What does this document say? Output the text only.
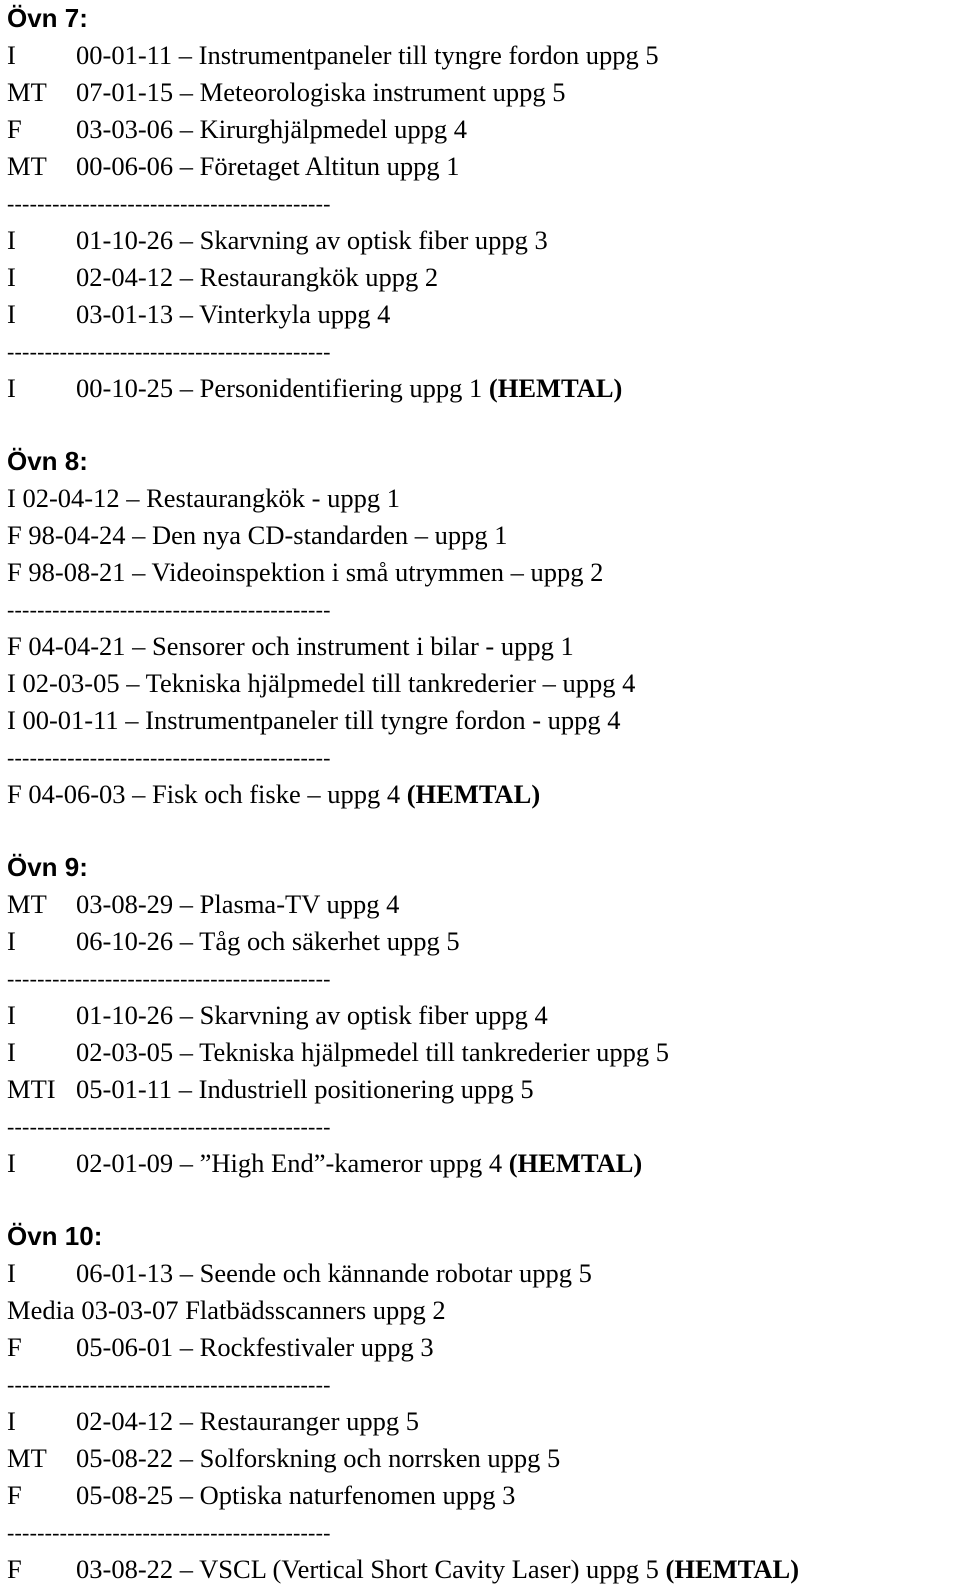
Övn 7:
I 00-01-11 – Instrumentpaneler till tyngre fordon uppg 5
MT 07-01-15 – Meteorologiska instrument uppg 5
F 03-03-06 – Kirurghjälpmedel uppg 4
MT 00-06-06 – Företaget Altitun uppg 1
-------------------------------------------
I 01-10-26 – Skarvning av optisk fiber uppg 3
I 02-04-12 – Restaurangkök uppg 2
I 03-01-13 – Vinterkyla uppg 4
-------------------------------------------
I 00-10-25 – Personidentifiering uppg 1 (HEMTAL)
Övn 8:
I 02-04-12 – Restaurangkök - uppg 1
F 98-04-24 – Den nya CD-standarden – uppg 1
F 98-08-21 – Videoinspektion i små utrymmen – uppg 2
-------------------------------------------
F 04-04-21 – Sensorer och instrument i bilar - uppg 1
I 02-03-05 – Tekniska hjälpmedel till tankrederier – uppg 4
I 00-01-11 – Instrumentpaneler till tyngre fordon - uppg 4
-------------------------------------------
F 04-06-03 – Fisk och fiske – uppg 4 (HEMTAL)
Övn 9:
MT 03-08-29 – Plasma-TV uppg 4
I 06-10-26 – Tåg och säkerhet uppg 5
-------------------------------------------
I 01-10-26 – Skarvning av optisk fiber uppg 4
I 02-03-05 – Tekniska hjälpmedel till tankrederier uppg 5
MTI 05-01-11 – Industriell positionering uppg 5
-------------------------------------------
I 02-01-09 – ”High End”-kameror uppg 4 (HEMTAL)
Övn 10:
I 06-01-13 – Seende och kännande robotar uppg 5
Media 03-03-07 Flatbädsscanners uppg 2
F 05-06-01 – Rockfestivaler uppg 3
-------------------------------------------
I 02-04-12 – Restauranger uppg 5
MT 05-08-22 – Solforskning och norrsken uppg 5
F 05-08-25 – Optiska naturfenomen uppg 3
-------------------------------------------
F 03-08-22 – VSCL (Vertical Short Cavity Laser) uppg 5 (HEMTAL)
